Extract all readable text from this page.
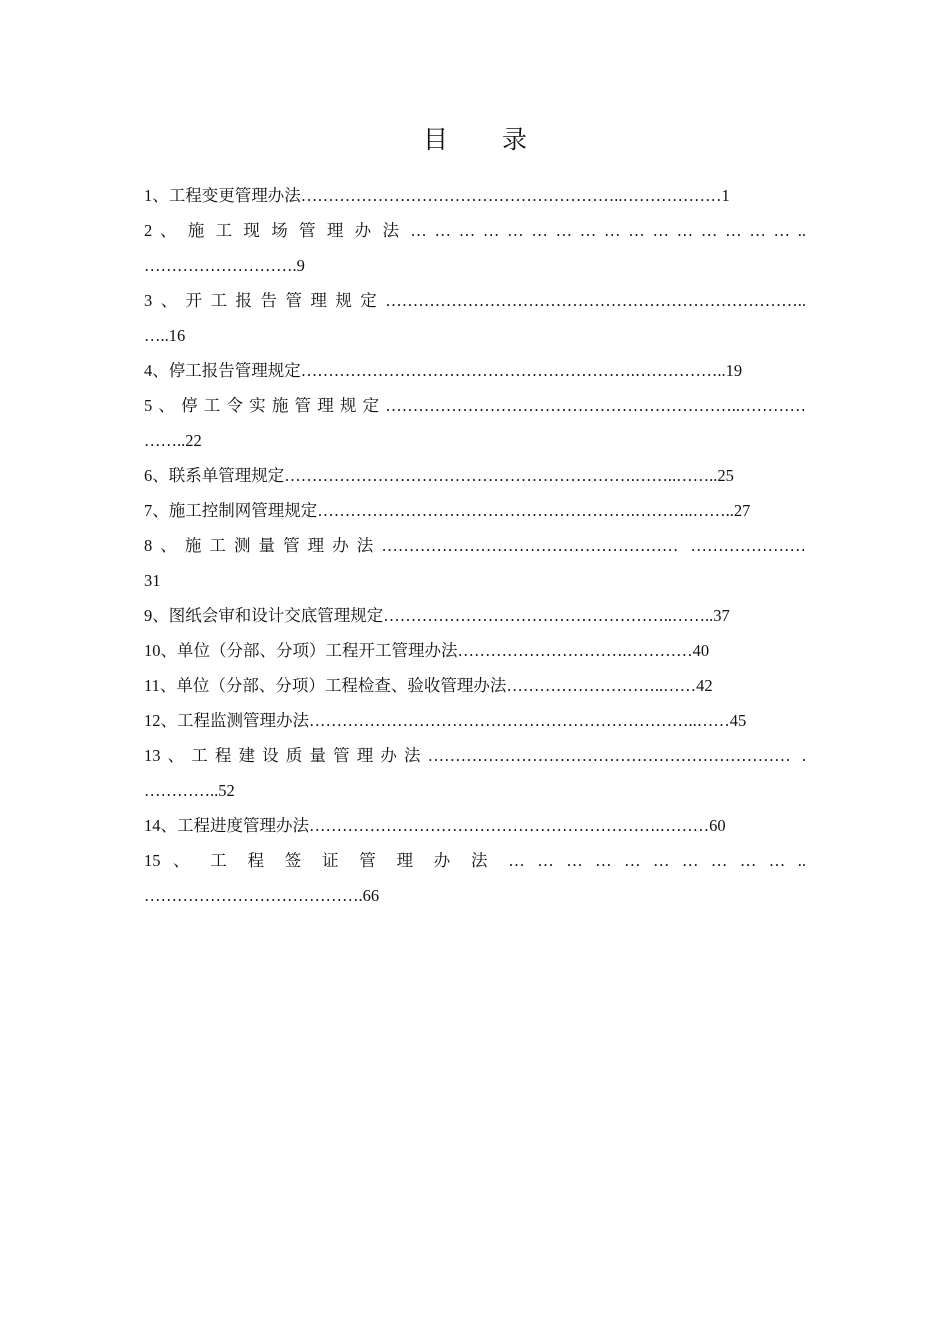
目 录
1、工程变更管理办法…………………………………………………..………………1
2 、 施 工 现 场 管 理 办 法 … … … … … … … … … … … … … … … … ..
……………………….9
3、开工报告管理规定…………………………………………………………………..
…..16
4、停工报告管理规定…………………………………………………….……………..19
5、停工令实施管理规定………………………………………………………..…………
……..22
6、联系单管理规定……………………………………………………….……..……..25
7、施工控制网管理规定………………………………………………….………..……..27
8、施工测量管理办法……………………………………………… …………………
31
9、图纸会审和设计交底管理规定……………………………………………..……..37
10、单位（分部、分项）工程开工管理办法………………………….…………40
11、单位（分部、分项）工程检查、验收管理办法………………………..……42
12、工程监测管理办法……………………………………………………………..……45
13、工程建设质量管理办法………………………………………………………… .
…………..52
14、工程进度管理办法……………………………………………………….………60
15 、 工 程 签 证 管 理 办 法 … … … … … … … … … … ..
………………………………….66
